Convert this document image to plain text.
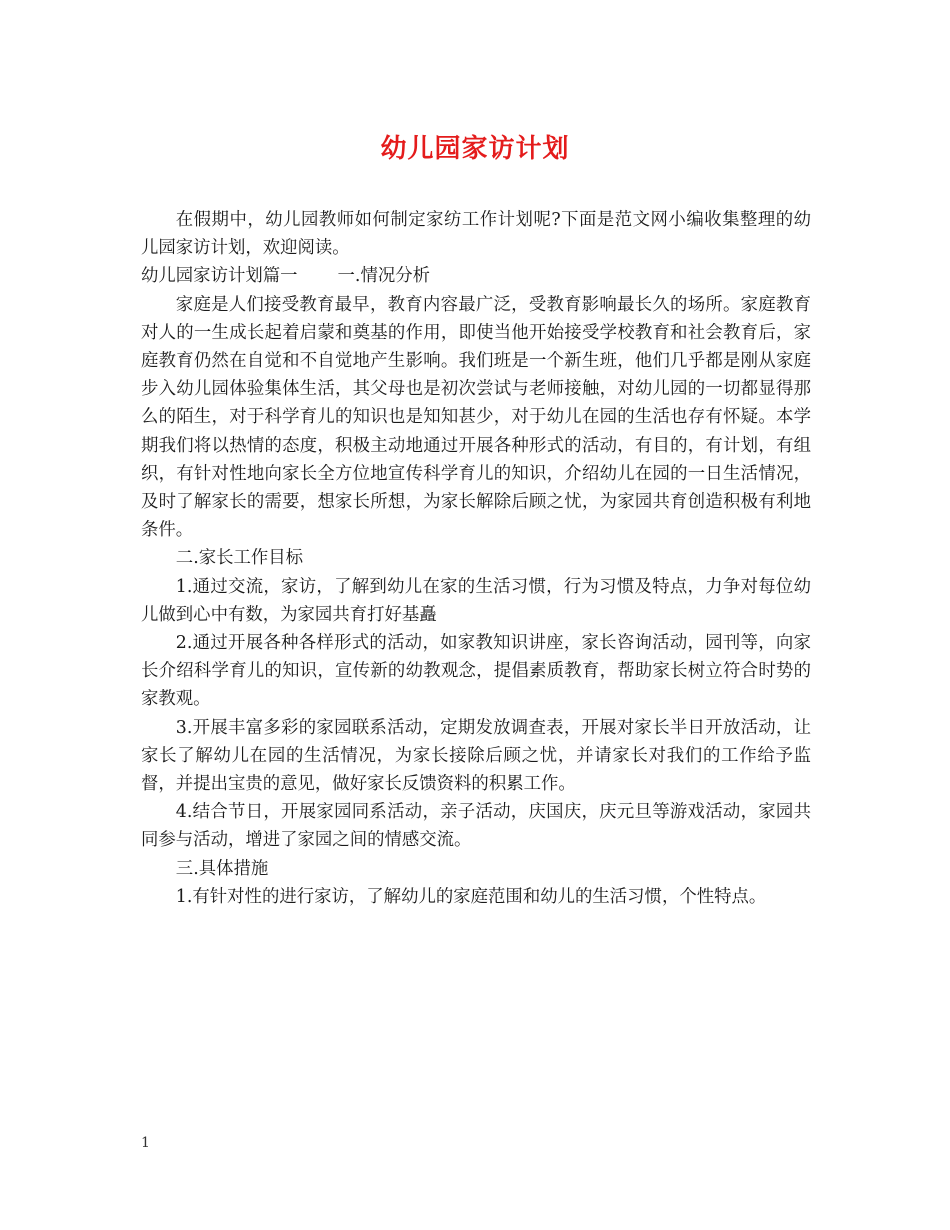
幼儿园家访计划

在假期中，幼儿园教师如何制定家纺工作计划呢?下面是范文网小编收集整理的幼儿园家访计划，欢迎阅读。

幼儿园家访计划篇一 一.情况分析

家庭是人们接受教育最早，教育内容最广泛，受教育影响最长久的场所。家庭教育对人的一生成长起着启蒙和奠基的作用，即使当他开始接受学校教育和社会教育后，家庭教育仍然在自觉和不自觉地产生影响。我们班是一个新生班，他们几乎都是刚从家庭步入幼儿园体验集体生活，其父母也是初次尝试与老师接触，对幼儿园的一切都显得那么的陌生，对于科学育儿的知识也是知知甚少，对于幼儿在园的生活也存有怀疑。本学期我们将以热情的态度，积极主动地通过开展各种形式的活动，有目的，有计划，有组织，有针对性地向家长全方位地宣传科学育儿的知识，介绍幼儿在园的一日生活情况，及时了解家长的需要，想家长所想，为家长解除后顾之忧，为家园共育创造积极有利地条件。

二.家长工作目标

1.通过交流，家访，了解到幼儿在家的生活习惯，行为习惯及特点，力争对每位幼儿做到心中有数，为家园共育打好基矗

2.通过开展各种各样形式的活动，如家教知识讲座，家长咨询活动，园刊等，向家长介绍科学育儿的知识，宣传新的幼教观念，提倡素质教育，帮助家长树立符合时势的家教观。

3.开展丰富多彩的家园联系活动，定期发放调查表，开展对家长半日开放活动，让家长了解幼儿在园的生活情况，为家长接除后顾之忧，并请家长对我们的工作给予监督，并提出宝贵的意见，做好家长反馈资料的积累工作。

4.结合节日，开展家园同系活动，亲子活动，庆国庆，庆元旦等游戏活动，家园共同参与活动，增进了家园之间的情感交流。

三.具体措施

1.有针对性的进行家访，了解幼儿的家庭范围和幼儿的生活习惯，个性特点。

1
